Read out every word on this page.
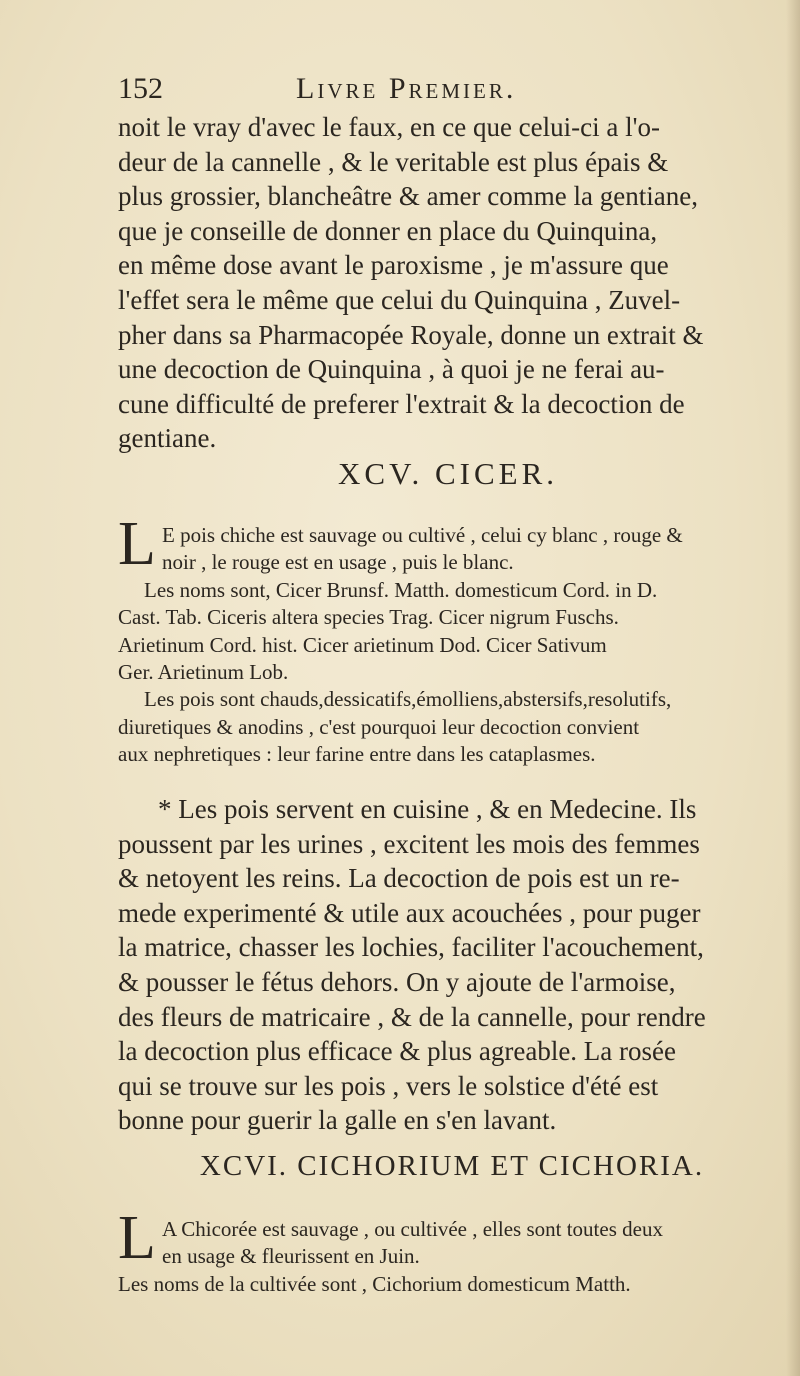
152	Livre Premier.
noit le vray d'avec le faux, en ce que celui-ci a l'o-
deur de la cannelle , & le veritable est plus épais &
plus grossier, blancheâtre & amer comme la gentiane,
que je conseille de donner en place du Quinquina,
en même dose avant le paroxisme , je m'assure que
l'effet sera le même que celui du Quinquina , Zuvel-
pher dans sa Pharmacopée Royale, donne un extrait &
une decoction de Quinquina , à quoi je ne ferai au-
cune difficulté de preferer l'extrait & la decoction de
gentiane.
XCV. CICER.
L E pois chiche est sauvage ou cultivé , celui cy blanc , rouge &
noir , le rouge est en usage , puis le blanc.
Les noms sont, Cicer Brunsf. Matth. domesticum Cord. in D.
Cast. Tab. Ciceris altera species Trag. Cicer nigrum Fuschs.
Arietinum Cord. hist. Cicer arietinum Dod. Cicer Sativum
Ger. Arietinum Lob.
Les pois sont chauds,dessicatifs,émolliens,abstersifs,resolutifs,
diuretiques & anodins , c'est pourquoi leur decoction convient
aux nephretiques : leur farine entre dans les cataplasmes.
* Les pois servent en cuisine , & en Medecine. Ils
poussent par les urines , excitent les mois des femmes
& netoyent les reins. La decoction de pois est un re-
mede experimenté & utile aux acouchées , pour puger
la matrice, chasser les lochies, faciliter l'acouchement,
& pousser le fétus dehors. On y ajoute de l'armoise,
des fleurs de matricaire , & de la cannelle, pour rendre
la decoction plus efficace & plus agreable. La rosée
qui se trouve sur les pois , vers le solstice d'été est
bonne pour guerir la galle en s'en lavant.
XCVI. CICHORIUM ET CICHORIA.
L A Chicorée est sauvage , ou cultivée , elles sont toutes deux
en usage & fleurissent en Juin.
Les noms de la cultivée sont , Cichorium domesticum Matth.
